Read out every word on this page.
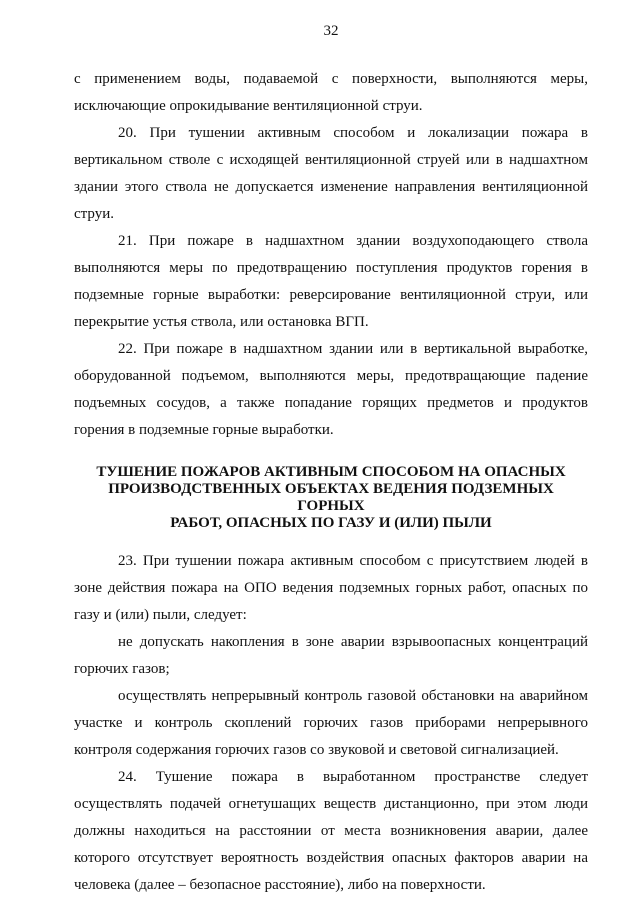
32

с применением воды, подаваемой с поверхности, выполняются меры, исключающие опрокидывание вентиляционной струи.

20. При тушении активным способом и локализации пожара в вертикальном стволе с исходящей вентиляционной струей или в надшахтном здании этого ствола не допускается изменение направления вентиляционной струи.

21. При пожаре в надшахтном здании воздухоподающего ствола выполняются меры по предотвращению поступления продуктов горения в подземные горные выработки: реверсирование вентиляционной струи, или перекрытие устья ствола, или остановка ВГП.

22. При пожаре в надшахтном здании или в вертикальной выработке, оборудованной подъемом, выполняются меры, предотвращающие падение подъемных сосудов, а также попадание горящих предметов и продуктов горения в подземные горные выработки.

ТУШЕНИЕ ПОЖАРОВ АКТИВНЫМ СПОСОБОМ НА ОПАСНЫХ
ПРОИЗВОДСТВЕННЫХ ОБЪЕКТАХ ВЕДЕНИЯ ПОДЗЕМНЫХ ГОРНЫХ
РАБОТ, ОПАСНЫХ ПО ГАЗУ И (ИЛИ) ПЫЛИ

23. При тушении пожара активным способом с присутствием людей в зоне действия пожара на ОПО ведения подземных горных работ, опасных по газу и (или) пыли, следует:

не допускать накопления в зоне аварии взрывоопасных концентраций горючих газов;

осуществлять непрерывный контроль газовой обстановки на аварийном участке и контроль скоплений горючих газов приборами непрерывного контроля содержания горючих газов со звуковой и световой сигнализацией.

24. Тушение пожара в выработанном пространстве следует осуществлять подачей огнетушащих веществ дистанционно, при этом люди должны находиться на расстоянии от места возникновения аварии, далее которого отсутствует вероятность воздействия опасных факторов аварии на человека (далее – безопасное расстояние), либо на поверхности.
